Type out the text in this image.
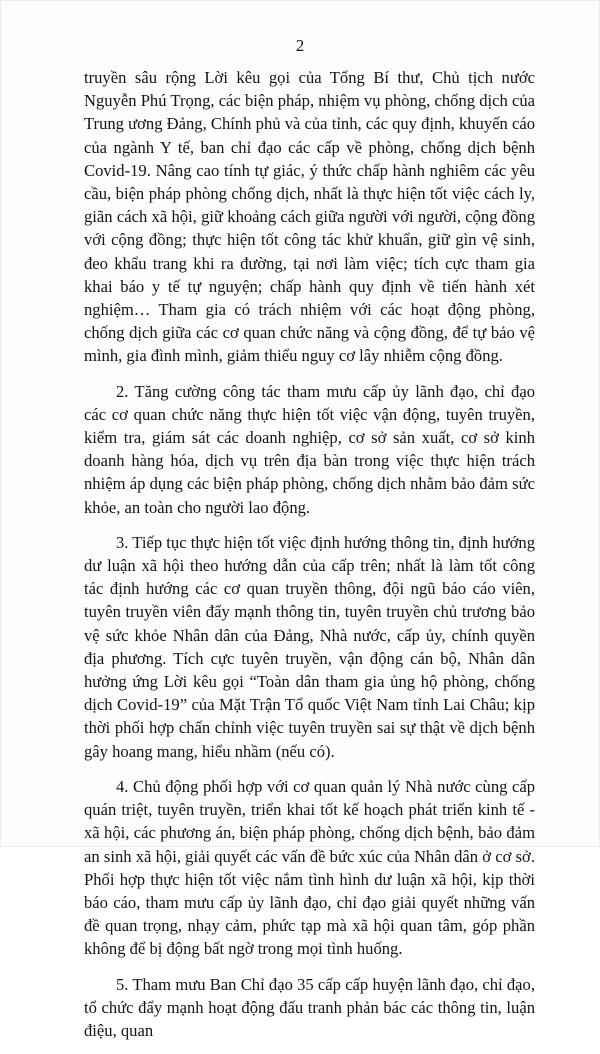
2

truyền sâu rộng Lời kêu gọi của Tổng Bí thư, Chủ tịch nước Nguyễn Phú Trọng, các biện pháp, nhiệm vụ phòng, chống dịch của Trung ương Đảng, Chính phủ và của tỉnh, các quy định, khuyến cáo của ngành Y tế, ban chỉ đạo các cấp về phòng, chống dịch bệnh Covid-19. Nâng cao tính tự giác, ý thức chấp hành nghiêm các yêu cầu, biện pháp phòng chống dịch, nhất là thực hiện tốt việc cách ly, giãn cách xã hội, giữ khoảng cách giữa người với người, cộng đồng với cộng đồng; thực hiện tốt công tác khử khuẩn, giữ gìn vệ sinh, đeo khẩu trang khi ra đường, tại nơi làm việc; tích cực tham gia khai báo y tế tự nguyện; chấp hành quy định về tiến hành xét nghiệm… Tham gia có trách nhiệm với các hoạt động phòng, chống dịch giữa các cơ quan chức năng và cộng đồng, để tự bảo vệ mình, gia đình mình, giảm thiểu nguy cơ lây nhiễm cộng đồng.

2. Tăng cường công tác tham mưu cấp ủy lãnh đạo, chỉ đạo các cơ quan chức năng thực hiện tốt việc vận động, tuyên truyền, kiểm tra, giám sát các doanh nghiệp, cơ sở sản xuất, cơ sở kinh doanh hàng hóa, dịch vụ trên địa bàn trong việc thực hiện trách nhiệm áp dụng các biện pháp phòng, chống dịch nhằm bảo đảm sức khỏe, an toàn cho người lao động.

3. Tiếp tục thực hiện tốt việc định hướng thông tin, định hướng dư luận xã hội theo hướng dẫn của cấp trên; nhất là làm tốt công tác định hướng các cơ quan truyền thông, đội ngũ báo cáo viên, tuyên truyền viên đẩy mạnh thông tin, tuyên truyền chủ trương bảo vệ sức khỏe Nhân dân của Đảng, Nhà nước, cấp ủy, chính quyền địa phương. Tích cực tuyên truyền, vận động cán bộ, Nhân dân hưởng ứng Lời kêu gọi “Toàn dân tham gia ủng hộ phòng, chống dịch Covid-19” của Mặt Trận Tổ quốc Việt Nam tỉnh Lai Châu; kịp thời phối hợp chấn chỉnh việc tuyên truyền sai sự thật về dịch bệnh gây hoang mang, hiểu nhầm (nếu có).

4. Chủ động phối hợp với cơ quan quản lý Nhà nước cùng cấp quán triệt, tuyên truyền, triển khai tốt kế hoạch phát triển kinh tế - xã hội, các phương án, biện pháp phòng, chống dịch bệnh, bảo đảm an sinh xã hội, giải quyết các vấn đề bức xúc của Nhân dân ở cơ sở. Phối hợp thực hiện tốt việc nắm tình hình dư luận xã hội, kịp thời báo cáo, tham mưu cấp ủy lãnh đạo, chỉ đạo giải quyết những vấn đề quan trọng, nhạy cảm, phức tạp mà xã hội quan tâm, góp phần không để bị động bất ngờ trong mọi tình huống.

5. Tham mưu Ban Chỉ đạo 35 cấp cấp huyện lãnh đạo, chỉ đạo, tổ chức đẩy mạnh hoạt động đấu tranh phản bác các thông tin, luận điệu, quan
